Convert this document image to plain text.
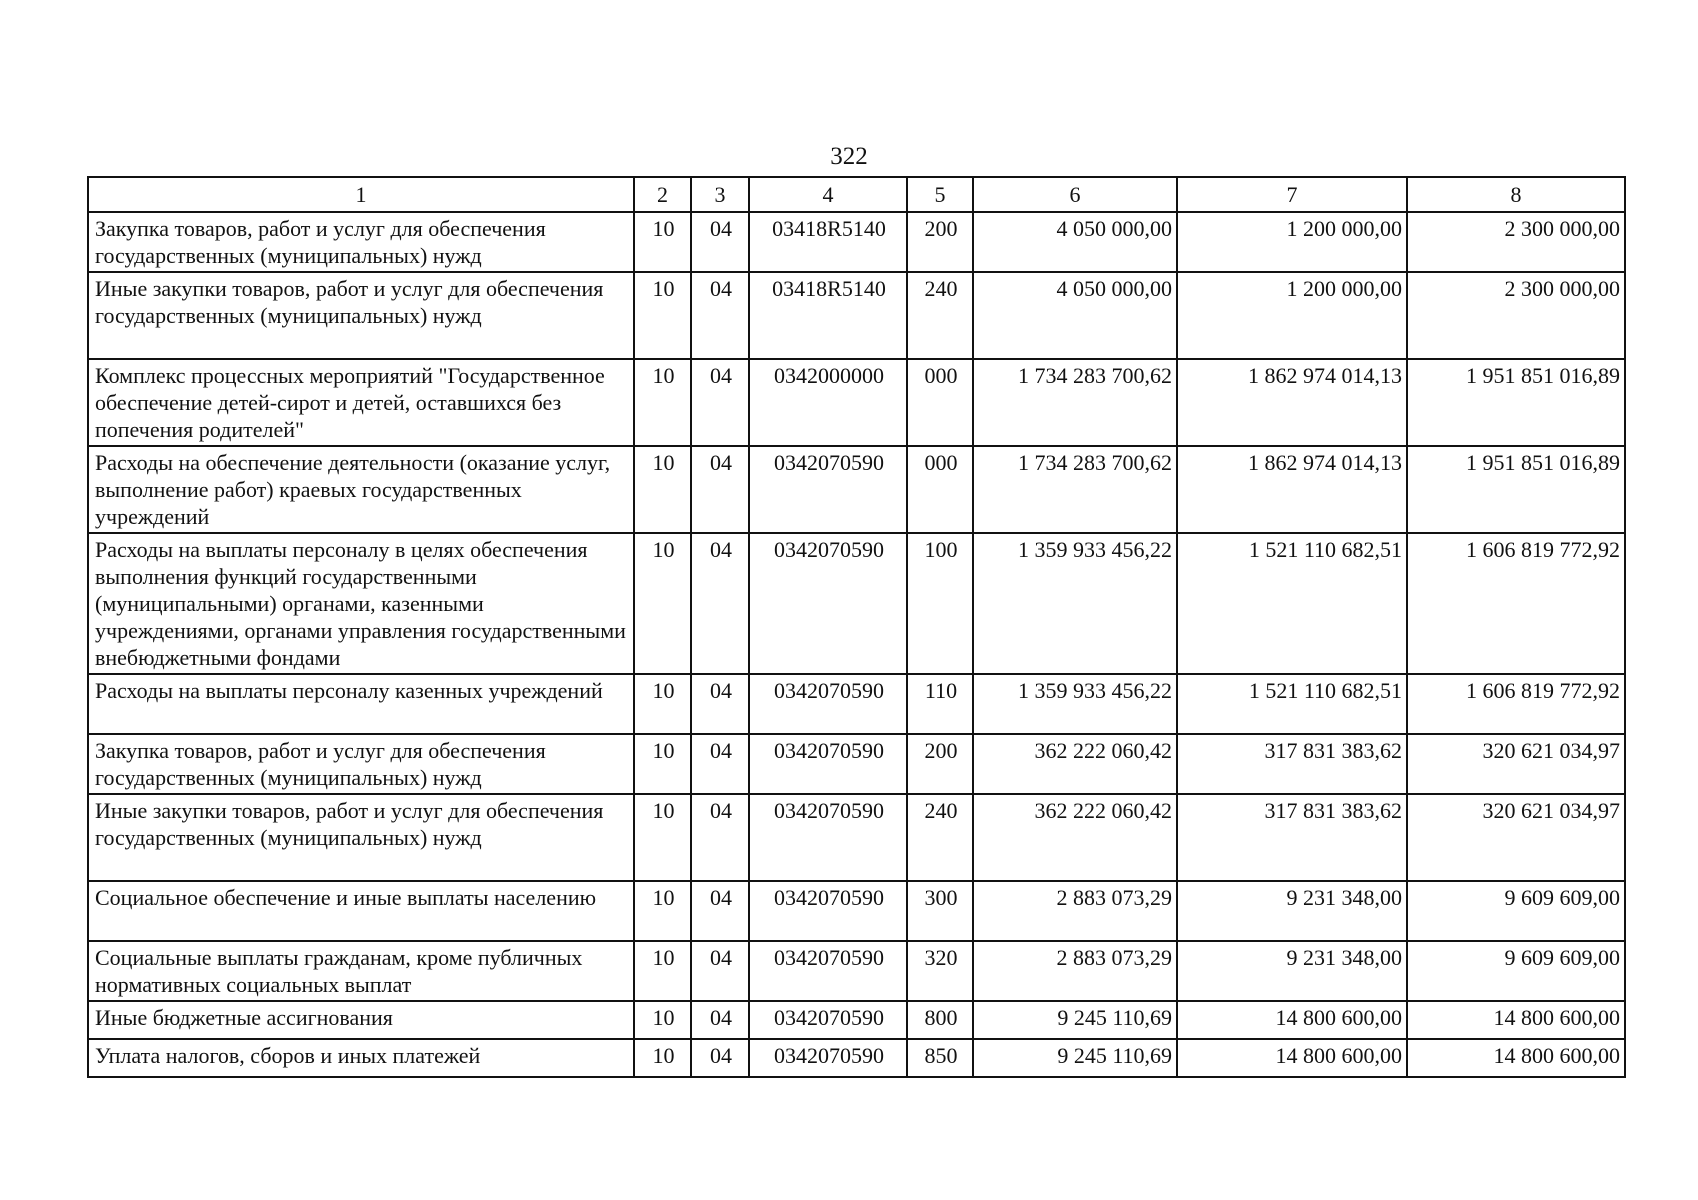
322
1	2	3	4	5	6	7	8
Закупка товаров, работ и услуг для обеспечения государственных (муниципальных) нужд	10	04	03418R5140	200	4 050 000,00	1 200 000,00	2 300 000,00
Иные закупки товаров, работ и услуг для обеспечения государственных (муниципальных) нужд	10	04	03418R5140	240	4 050 000,00	1 200 000,00	2 300 000,00
Комплекс процессных мероприятий "Государственное обеспечение детей-сирот и детей, оставшихся без попечения родителей"	10	04	0342000000	000	1 734 283 700,62	1 862 974 014,13	1 951 851 016,89
Расходы на обеспечение деятельности (оказание услуг, выполнение работ) краевых государственных учреждений	10	04	0342070590	000	1 734 283 700,62	1 862 974 014,13	1 951 851 016,89
Расходы на выплаты персоналу в целях обеспечения выполнения функций государственными (муниципальными) органами, казенными учреждениями, органами управления государственными внебюджетными фондами	10	04	0342070590	100	1 359 933 456,22	1 521 110 682,51	1 606 819 772,92
Расходы на выплаты персоналу казенных учреждений	10	04	0342070590	110	1 359 933 456,22	1 521 110 682,51	1 606 819 772,92
Закупка товаров, работ и услуг для обеспечения государственных (муниципальных) нужд	10	04	0342070590	200	362 222 060,42	317 831 383,62	320 621 034,97
Иные закупки товаров, работ и услуг для обеспечения государственных (муниципальных) нужд	10	04	0342070590	240	362 222 060,42	317 831 383,62	320 621 034,97
Социальное обеспечение и иные выплаты населению	10	04	0342070590	300	2 883 073,29	9 231 348,00	9 609 609,00
Социальные выплаты гражданам, кроме публичных нормативных социальных выплат	10	04	0342070590	320	2 883 073,29	9 231 348,00	9 609 609,00
Иные бюджетные ассигнования	10	04	0342070590	800	9 245 110,69	14 800 600,00	14 800 600,00
Уплата налогов, сборов и иных платежей	10	04	0342070590	850	9 245 110,69	14 800 600,00	14 800 600,00
